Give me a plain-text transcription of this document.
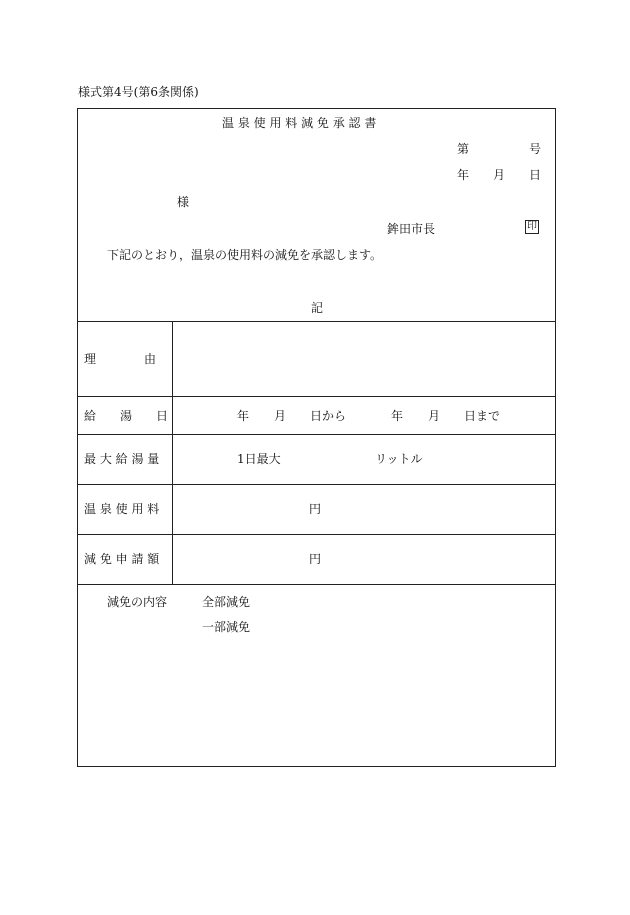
様式第4号(第6条関係)
温 泉 使 用 料 減 免 承 認 書
第	号
年 月 日
様
鉾田市長	印
下記のとおり，温泉の使用料の減免を承認します。
記
理　　　　由
給　　湯　　日	年 月 日から	年 月 日まで
最 大 給 湯 量	1日最大	リットル
温 泉 使 用 料	円
減 免 申 請 額	円
減免の内容	全部減免
一部減免
